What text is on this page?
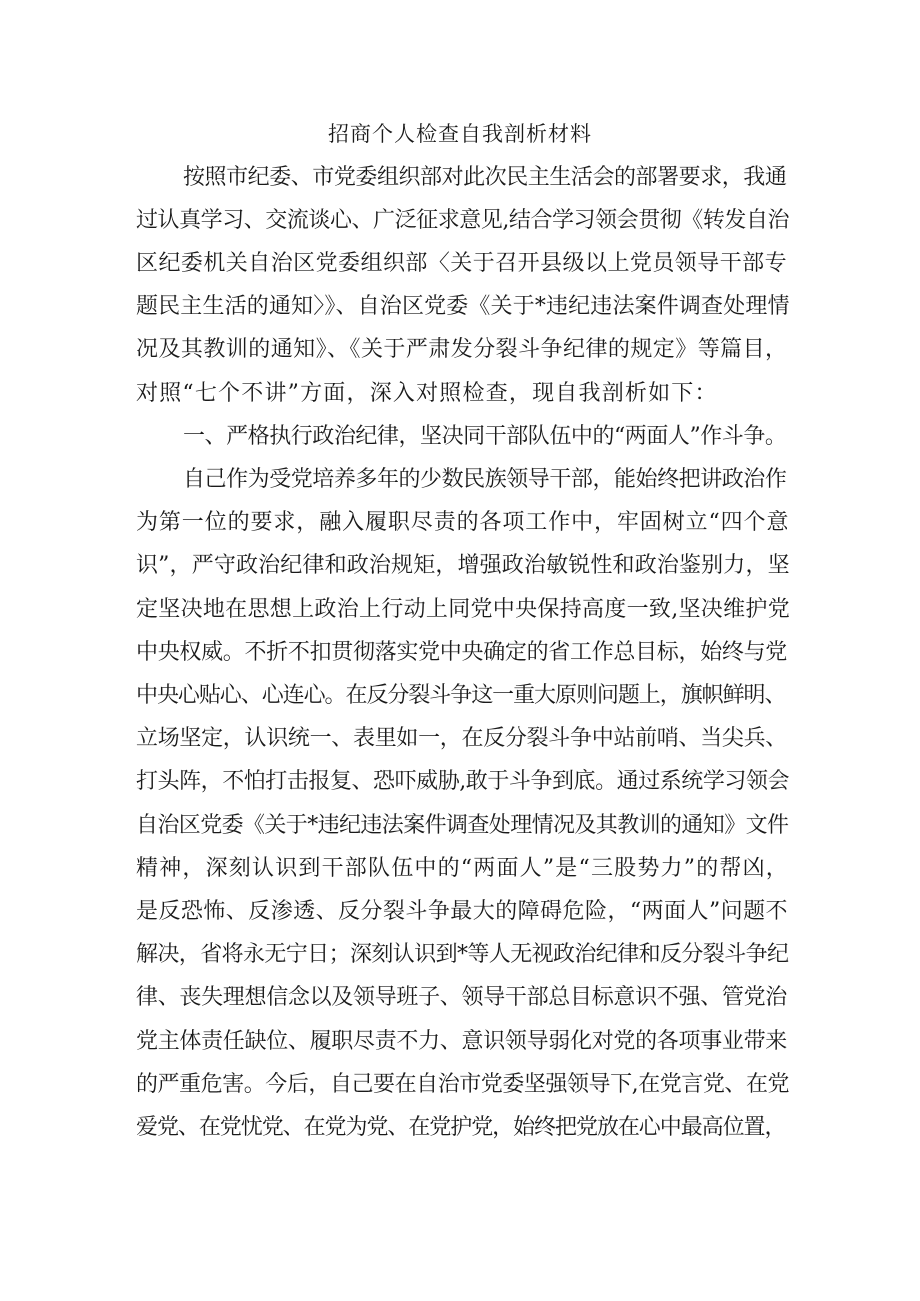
招商个人检查自我剖析材料
按照市纪委、市党委组织部对此次民主生活会的部署要求，我通
过认真学习、交流谈心、广泛征求意见,结合学习领会贯彻《转发自治
区纪委机关自治区党委组织部〈关于召开县级以上党员领导干部专
题民主生活的通知〉》、自治区党委《关于*违纪违法案件调查处理情
况及其教训的通知》、《关于严肃发分裂斗争纪律的规定》等篇目，
对照“七个不讲”方面，深入对照检查，现自我剖析如下：
一、严格执行政治纪律，坚决同干部队伍中的“两面人”作斗争。
自己作为受党培养多年的少数民族领导干部，能始终把讲政治作
为第一位的要求，融入履职尽责的各项工作中，牢固树立“四个意
识”，严守政治纪律和政治规矩，增强政治敏锐性和政治鉴别力，坚
定坚决地在思想上政治上行动上同党中央保持高度一致,坚决维护党
中央权威。不折不扣贯彻落实党中央确定的省工作总目标，始终与党
中央心贴心、心连心。在反分裂斗争这一重大原则问题上，旗帜鲜明、
立场坚定，认识统一、表里如一，在反分裂斗争中站前哨、当尖兵、
打头阵，不怕打击报复、恐吓威胁,敢于斗争到底。通过系统学习领会
自治区党委《关于*违纪违法案件调查处理情况及其教训的通知》文件
精神，深刻认识到干部队伍中的“两面人”是“三股势力”的帮凶，
是反恐怖、反渗透、反分裂斗争最大的障碍危险，“两面人”问题不
解决，省将永无宁日；深刻认识到*等人无视政治纪律和反分裂斗争纪
律、丧失理想信念以及领导班子、领导干部总目标意识不强、管党治
党主体责任缺位、履职尽责不力、意识领导弱化对党的各项事业带来
的严重危害。今后，自己要在自治市党委坚强领导下,在党言党、在党
爱党、在党忧党、在党为党、在党护党，始终把党放在心中最高位置，
